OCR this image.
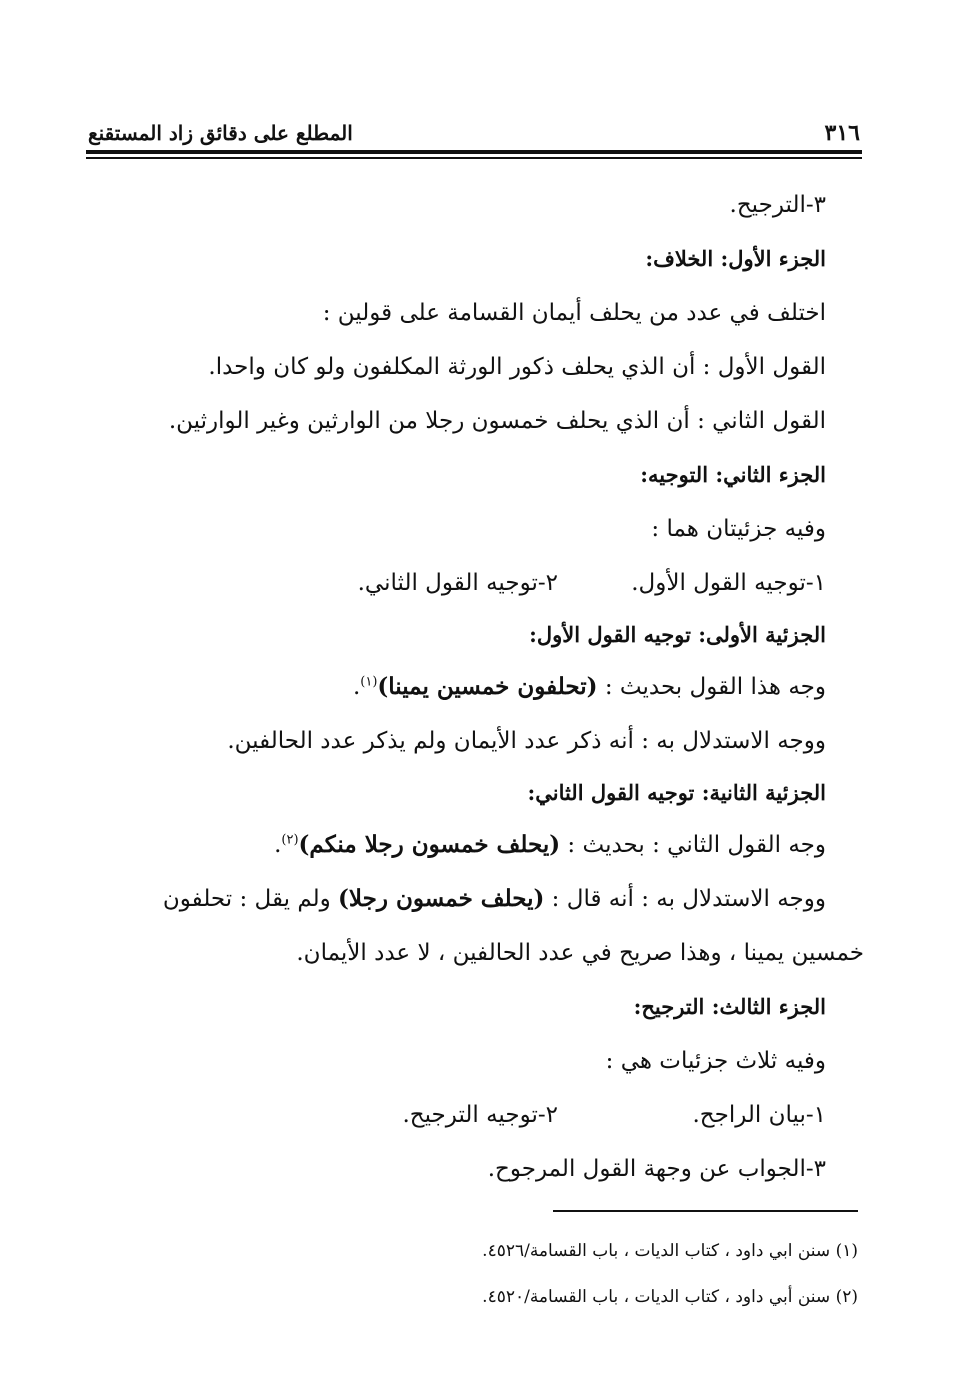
٣١٦
المطلع على دقائق زاد المستقنع
٣-الترجيح.
الجزء الأول: الخلاف:
اختلف في عدد من يحلف أيمان القسامة على قولين :
القول الأول : أن الذي يحلف ذكور الورثة المكلفون ولو كان واحدا.
القول الثاني : أن الذي يحلف خمسون رجلا من الوارثين وغير الوارثين.
الجزء الثاني: التوجيه:
وفيه جزئيتان هما :
١-توجيه القول الأول.
٢-توجيه القول الثاني.
الجزئية الأولى: توجيه القول الأول:
وجه هذا القول بحديث : (تحلفون خمسين يمينا)$^{(١)}$.
ووجه الاستدلال به : أنه ذكر عدد الأيمان ولم يذكر عدد الحالفين.
الجزئية الثانية: توجيه القول الثاني:
وجه القول الثاني : بحديث : (يحلف خمسون رجلا منكم)$^{(٢)}$.
ووجه الاستدلال به : أنه قال : (يحلف خمسون رجلا) ولم يقل : تحلفون
خمسين يمينا ، وهذا صريح في عدد الحالفين ، لا عدد الأيمان.
الجزء الثالث: الترجيح:
وفيه ثلاث جزئيات هي :
١-بيان الراجح.
٢-توجيه الترجيح.
٣-الجواب عن وجهة القول المرجوح.
(١) سنن ابي داود ، كتاب الديات ، باب القسامة/٤٥٢٦.
(٢) سنن أبي داود ، كتاب الديات ، باب القسامة/٤٥٢٠.
